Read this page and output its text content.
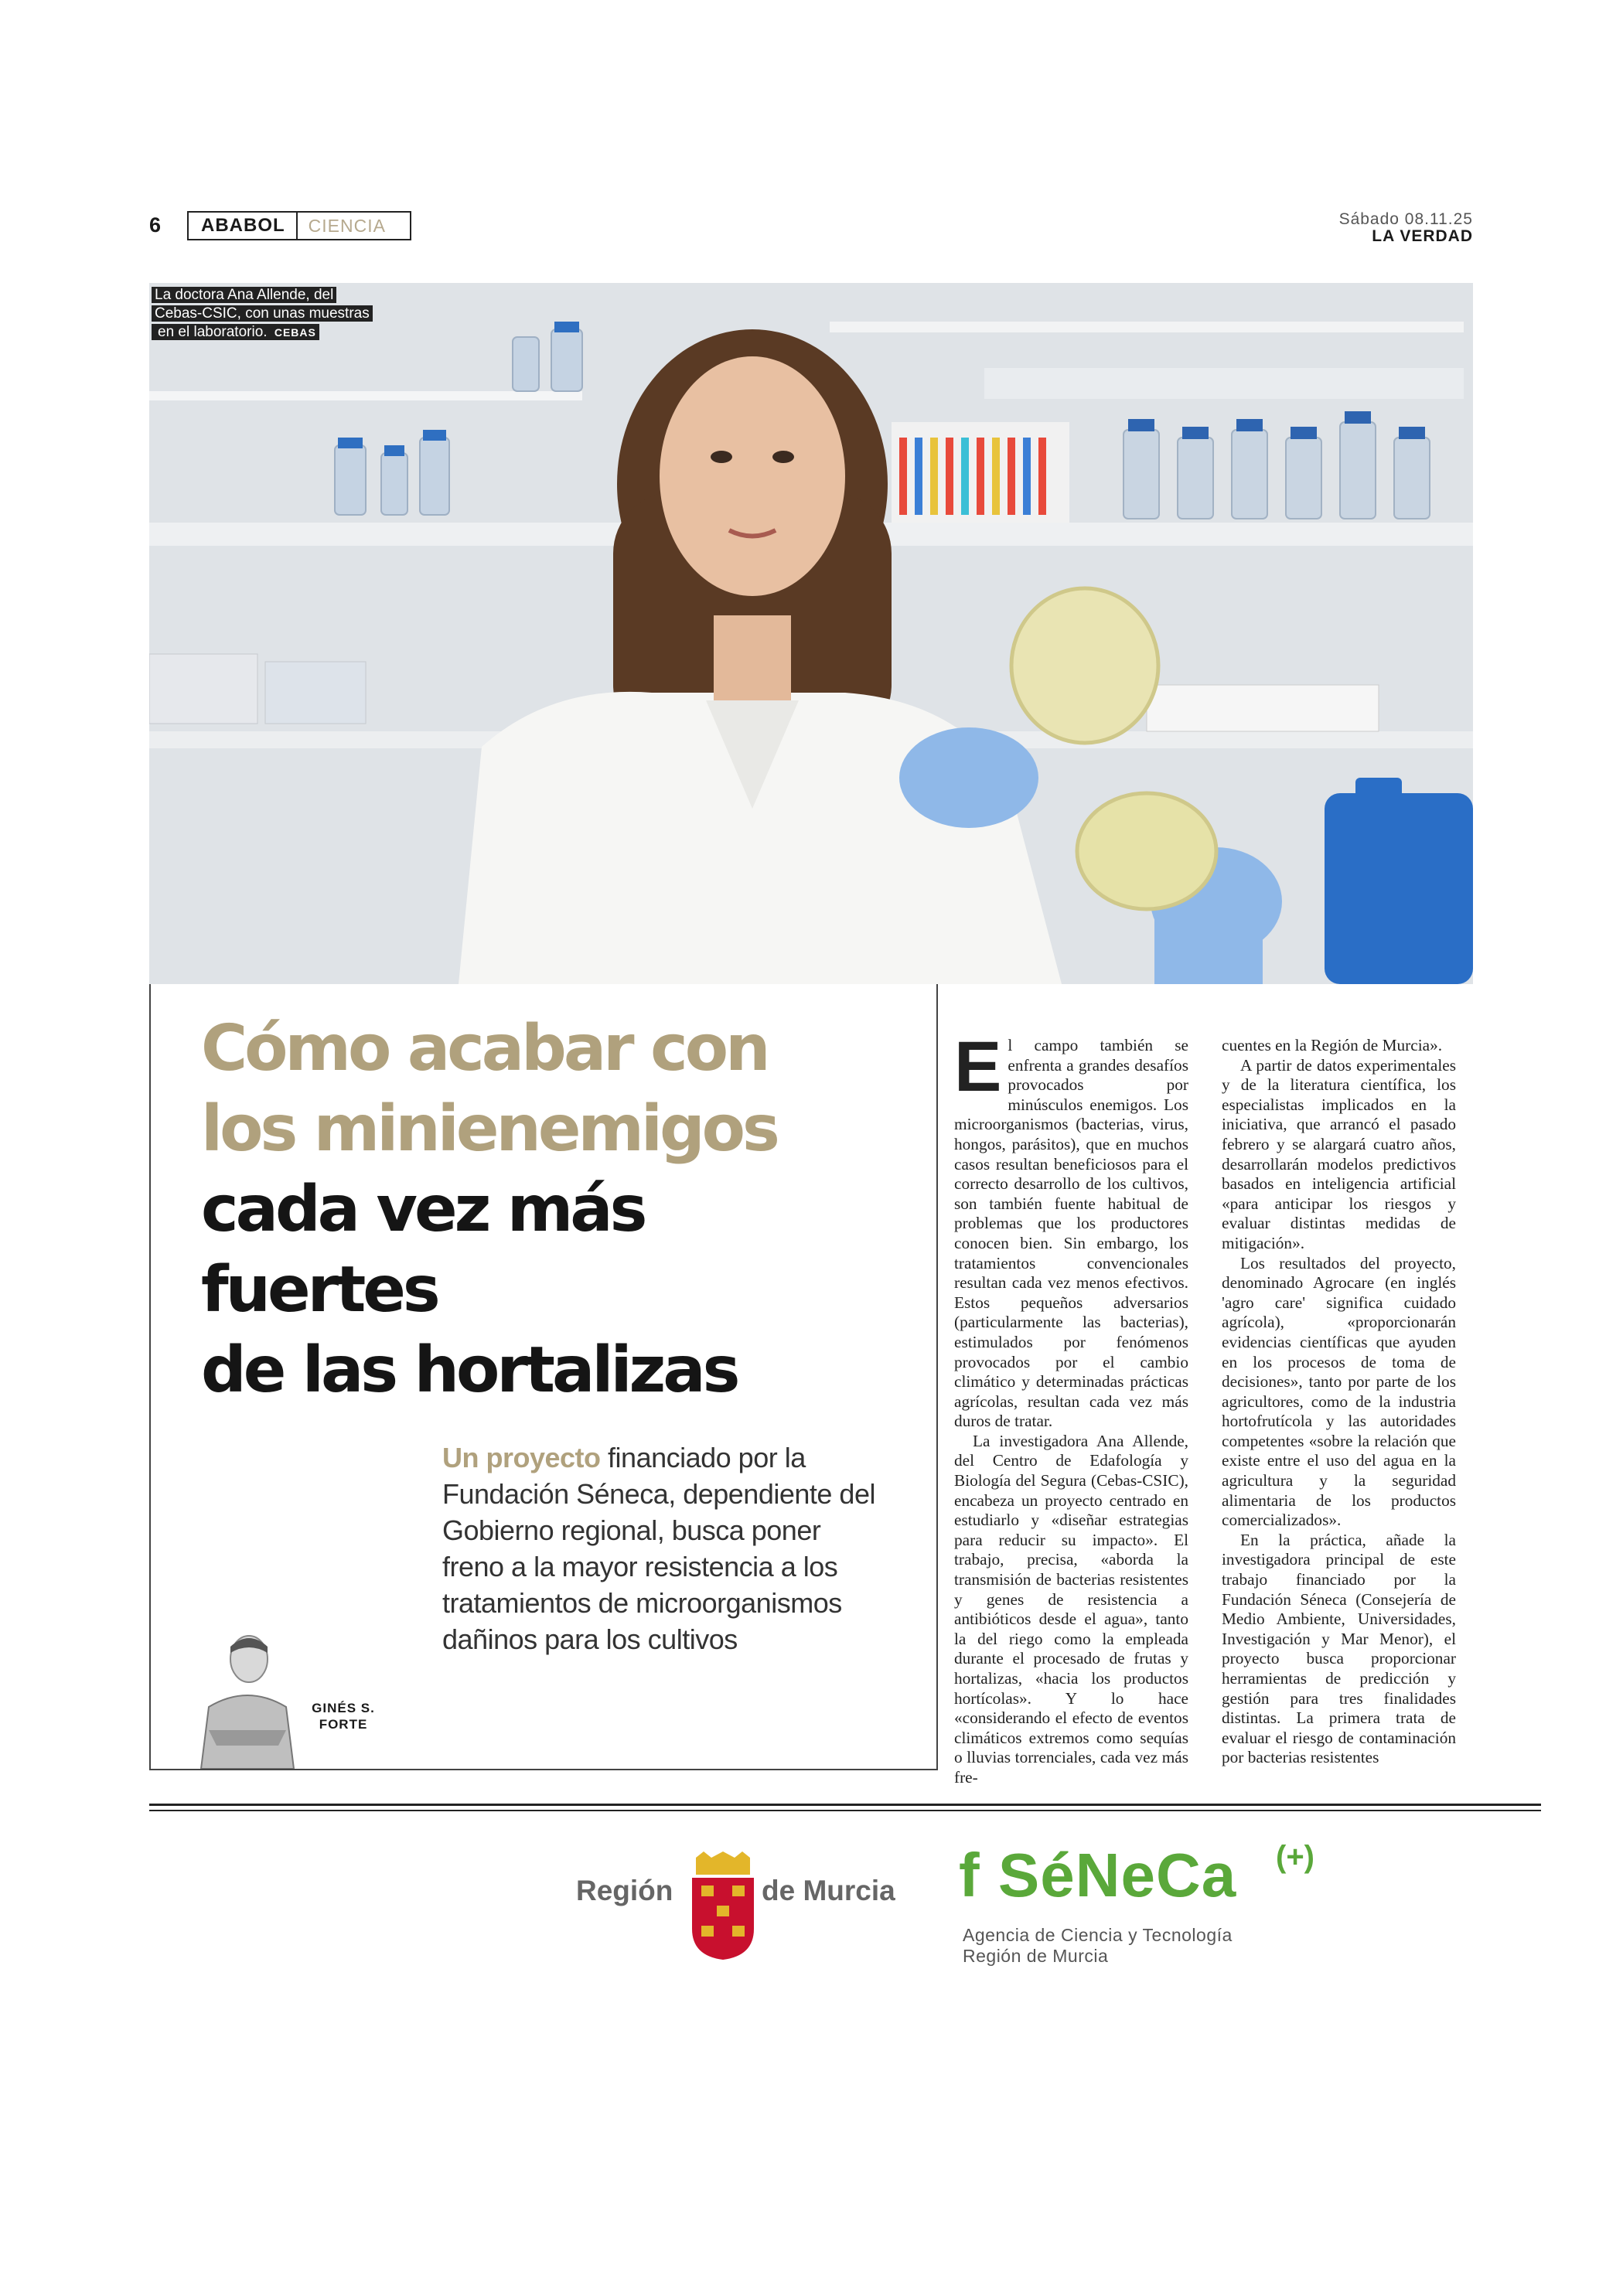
6	ABABOL	CIENCIA	Sábado 08.11.25
LA VERDAD
La doctora Ana Allende, del
Cebas-CSIC, con unas muestras
en el laboratorio. CEBAS
Cómo acabar con
los minienemigos
cada vez más fuertes
de las hortalizas
Un proyecto financiado por la Fundación Séneca, dependiente del Gobierno regional, busca poner freno a la mayor resistencia a los tratamientos de microorganismos dañinos para los cultivos
GINÉS S.
FORTE

El campo también se enfrenta a grandes desafíos provocados por minúsculos enemigos. Los microorganismos (bacterias, virus, hongos, parásitos), que en muchos casos resultan beneficiosos para el correcto desarrollo de los cultivos, son también fuente habitual de problemas que los productores conocen bien. Sin embargo, los tratamientos convencionales resultan cada vez menos efectivos. Estos pequeños adversarios (particularmente las bacterias), estimulados por fenómenos provocados por el cambio climático y determinadas prácticas agrícolas, resultan cada vez más duros de tratar.

La investigadora Ana Allende, del Centro de Edafología y Biología del Segura (Cebas-CSIC), encabeza un proyecto centrado en estudiarlo y «diseñar estrategias para reducir su impacto». El trabajo, precisa, «aborda la transmisión de bacterias resistentes y genes de resistencia a antibióticos desde el agua», tanto la del riego como la empleada durante el procesado de frutas y hortalizas, «hacia los productos hortícolas». Y lo hace «considerando el efecto de eventos climáticos extremos como sequías o lluvias torrenciales, cada vez más fre-

cuentes en la Región de Murcia».

A partir de datos experimentales y de la literatura científica, los especialistas implicados en la iniciativa, que arrancó el pasado febrero y se alargará cuatro años, desarrollarán modelos predictivos basados en inteligencia artificial «para anticipar los riesgos y evaluar distintas medidas de mitigación».

Los resultados del proyecto, denominado Agrocare (en inglés 'agro care' significa cuidado agrícola), «proporcionarán evidencias científicas que ayuden en los procesos de toma de decisiones», tanto por parte de los agricultores, como de la industria hortofrutícola y las autoridades competentes «sobre la relación que existe entre el uso del agua en la agricultura y la seguridad alimentaria de los productos comercializados».

En la práctica, añade la investigadora principal de este trabajo financiado por la Fundación Séneca (Consejería de Medio Ambiente, Universidades, Investigación y Mar Menor), el proyecto busca proporcionar herramientas de predicción y gestión para tres finalidades distintas. La primera trata de evaluar el riesgo de contaminación por bacterias resistentes

Región	de Murcia f SéNeCa (+)
Agencia de Ciencia y Tecnología
Región de Murcia
